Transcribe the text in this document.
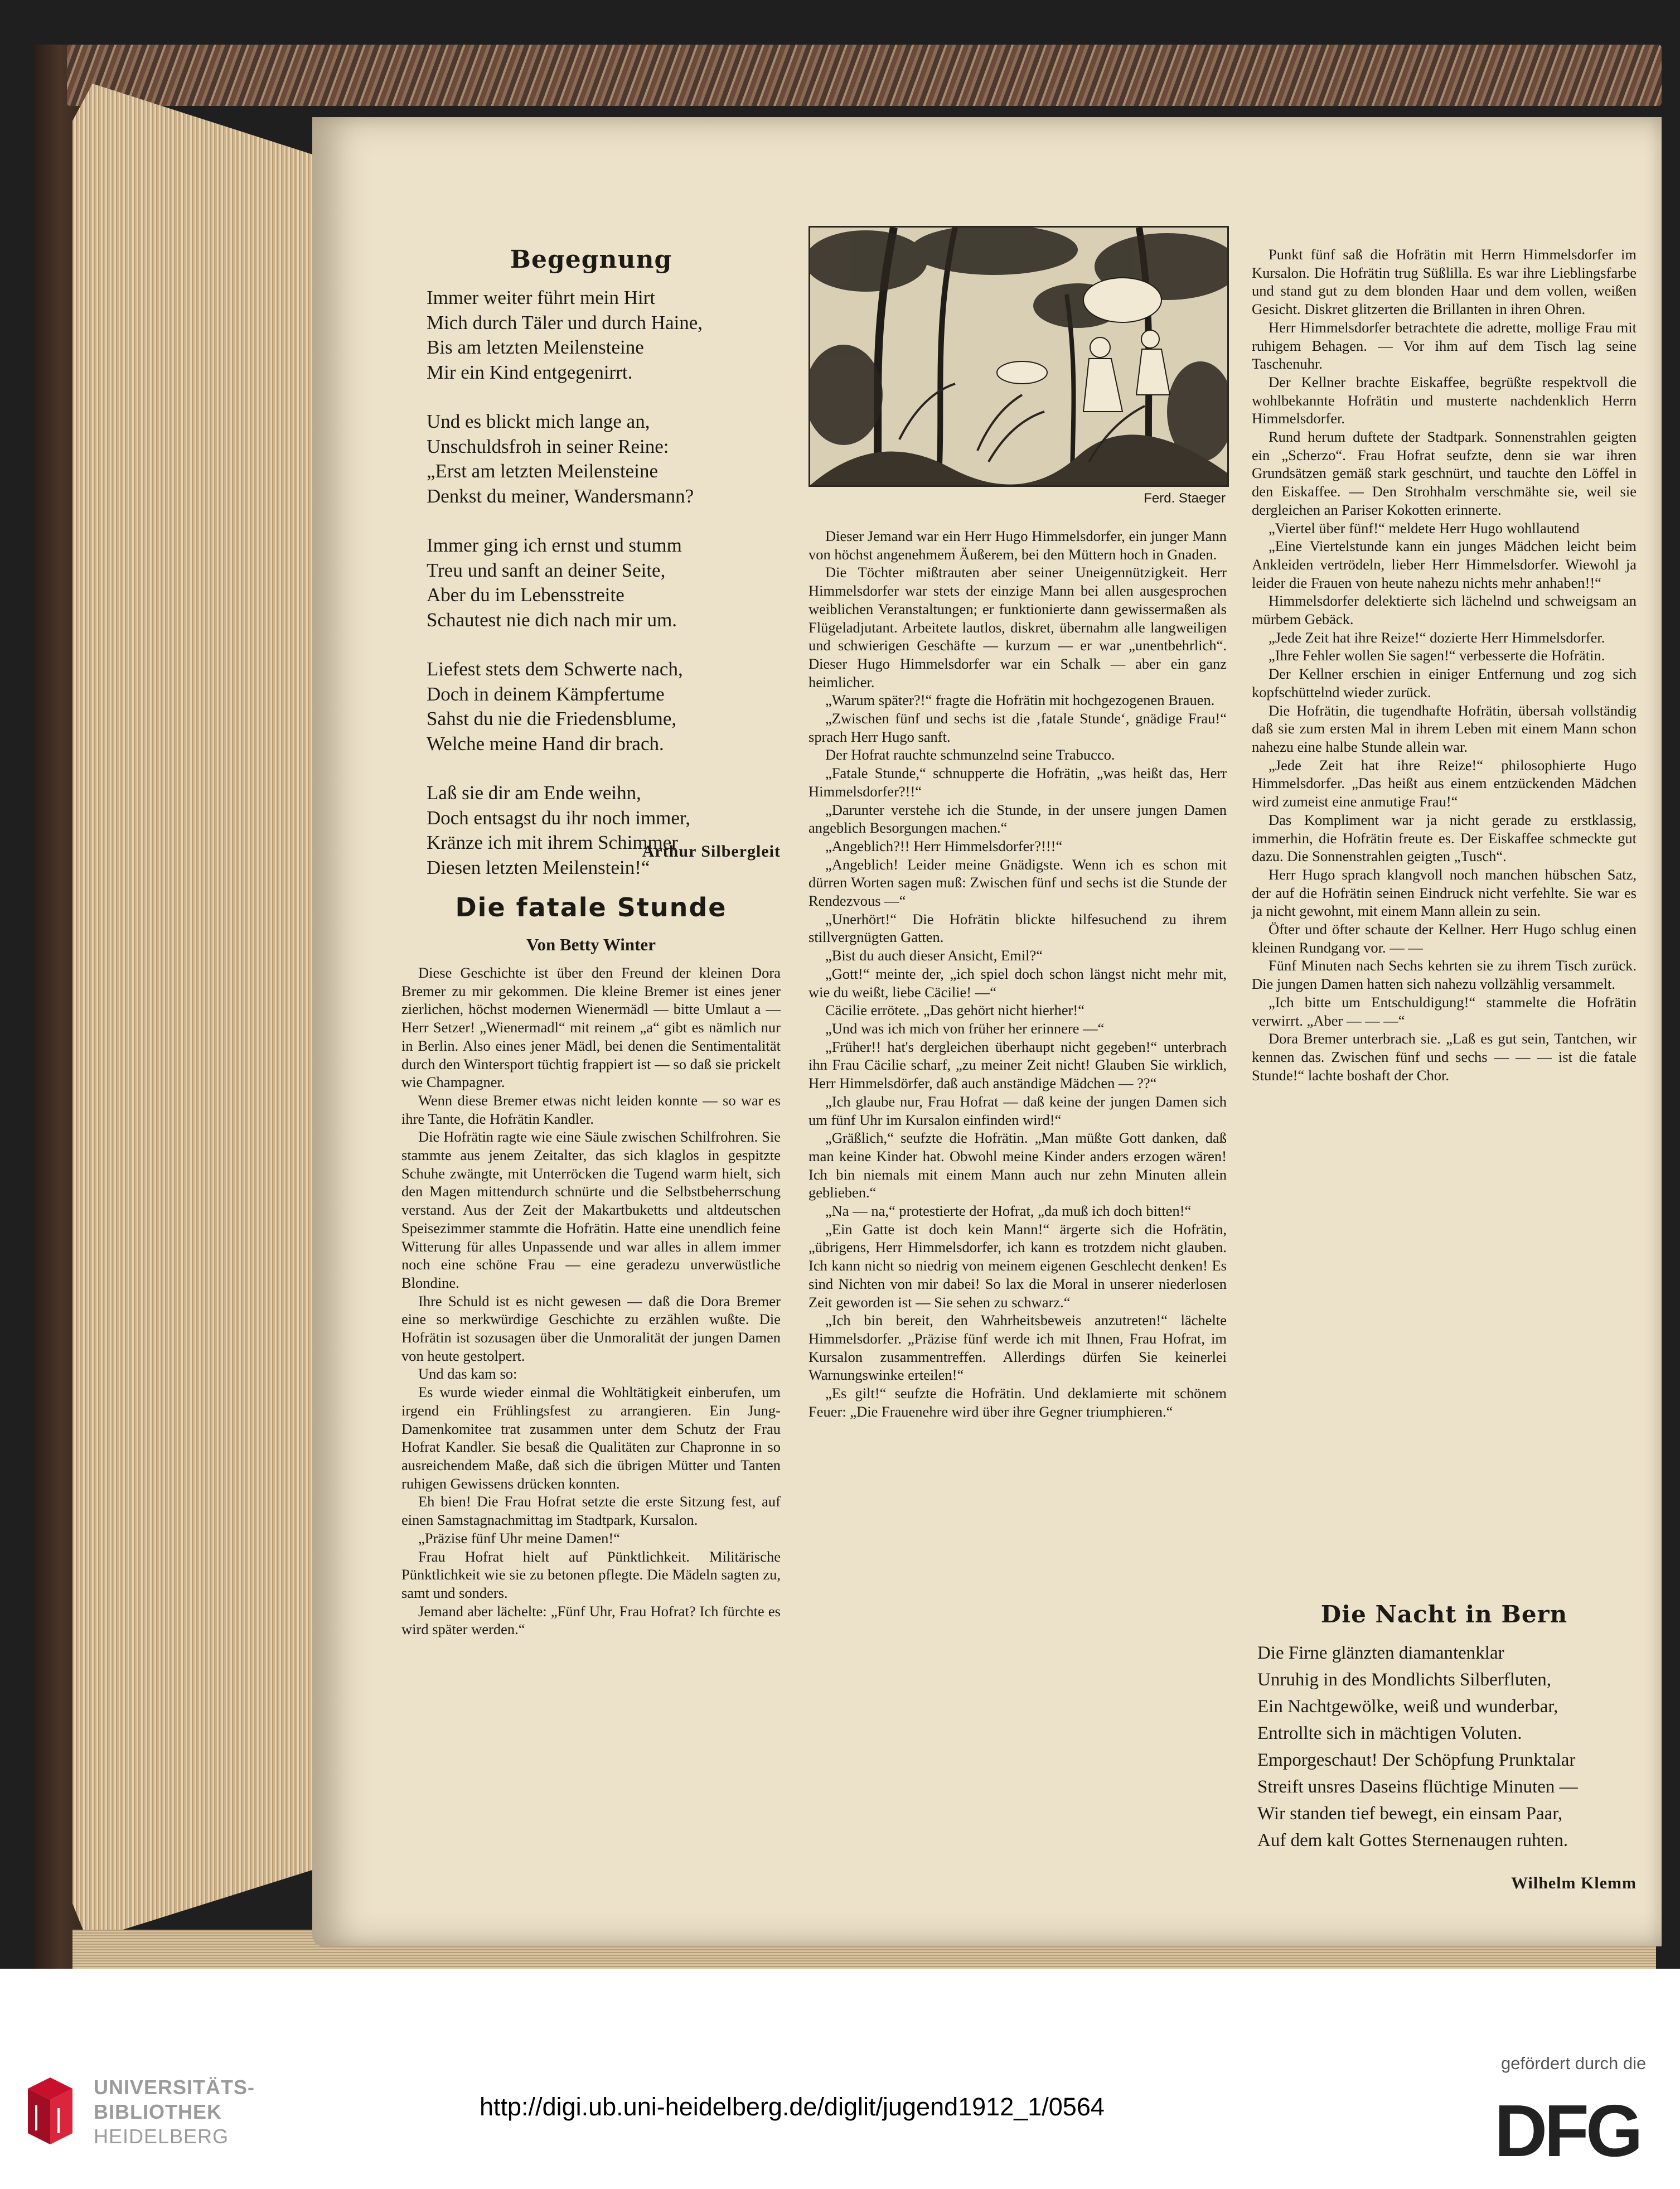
Begegnung
Immer weiter führt mein Hirt
Mich durch Täler und durch Haine,
Bis am letzten Meilensteine
Mir ein Kind entgegenirrt.
Und es blickt mich lange an,
Unschuldsfroh in seiner Reine:
„Erst am letzten Meilensteine
Denkst du meiner, Wandersmann?
Immer ging ich ernst und stumm
Treu und sanft an deiner Seite,
Aber du im Lebensstreite
Schautest nie dich nach mir um.
Liefest stets dem Schwerte nach,
Doch in deinem Kämpfertume
Sahst du nie die Friedensblume,
Welche meine Hand dir brach.
Laß sie dir am Ende weihn,
Doch entsagst du ihr noch immer,
Kränze ich mit ihrem Schimmer
Diesen letzten Meilenstein!“
Arthur Silbergleit
Die fatale Stunde
Von Betty Winter

Diese Geschichte ist über den Freund der kleinen Dora Bremer zu mir gekommen. Die kleine Bremer ist eines jener zierlichen, höchst modernen Wienermädl — bitte Umlaut a — Herr Setzer! „Wienermadl“ mit reinem „a“ gibt es nämlich nur in Berlin. Also eines jener Mädl, bei denen die Sentimentalität durch den Wintersport tüchtig frappiert ist — so daß sie prickelt wie Champagner.

Wenn diese Bremer etwas nicht leiden konnte — so war es ihre Tante, die Hofrätin Kandler.

Die Hofrätin ragte wie eine Säule zwischen Schilfrohren. Sie stammte aus jenem Zeitalter, das sich klaglos in gespitzte Schuhe zwängte, mit Unterröcken die Tugend warm hielt, sich den Magen mittendurch schnürte und die Selbstbeherrschung verstand. Aus der Zeit der Makartbuketts und altdeutschen Speisezimmer stammte die Hofrätin. Hatte eine unendlich feine Witterung für alles Unpassende und war alles in allem immer noch eine schöne Frau — eine geradezu unverwüstliche Blondine.

Ihre Schuld ist es nicht gewesen — daß die Dora Bremer eine so merkwürdige Geschichte zu erzählen wußte. Die Hofrätin ist sozusagen über die Unmoralität der jungen Damen von heute gestolpert.

Und das kam so:

Es wurde wieder einmal die Wohltätigkeit einberufen, um irgend ein Frühlingsfest zu arrangieren. Ein Jung-Damenkomitee trat zusammen unter dem Schutz der Frau Hofrat Kandler. Sie besaß die Qualitäten zur Chapronne in so ausreichendem Maße, daß sich die übrigen Mütter und Tanten ruhigen Gewissens drücken konnten.

Eh bien! Die Frau Hofrat setzte die erste Sitzung fest, auf einen Samstagnachmittag im Stadtpark, Kursalon.

„Präzise fünf Uhr meine Damen!“

Frau Hofrat hielt auf Pünktlichkeit. Militärische Pünktlichkeit wie sie zu betonen pflegte. Die Mädeln sagten zu, samt und sonders.

Jemand aber lächelte: „Fünf Uhr, Frau Hofrat? Ich fürchte es wird später werden.“

Ferd. Staeger

Dieser Jemand war ein Herr Hugo Himmelsdorfer, ein junger Mann von höchst angenehmem Äußerem, bei den Müttern hoch in Gnaden.

Die Töchter mißtrauten aber seiner Uneigennützigkeit. Herr Himmelsdorfer war stets der einzige Mann bei allen ausgesprochen weiblichen Veranstaltungen; er funktionierte dann gewissermaßen als Flügeladjutant. Arbeitete lautlos, diskret, übernahm alle langweiligen und schwierigen Geschäfte — kurzum — er war „unentbehrlich“. Dieser Hugo Himmelsdorfer war ein Schalk — aber ein ganz heimlicher.

„Warum später?!“ fragte die Hofrätin mit hochgezogenen Brauen.

„Zwischen fünf und sechs ist die ‚fatale Stunde‘, gnädige Frau!“ sprach Herr Hugo sanft.

Der Hofrat rauchte schmunzelnd seine Trabucco.

„Fatale Stunde,“ schnupperte die Hofrätin, „was heißt das, Herr Himmelsdorfer?!!“

„Darunter verstehe ich die Stunde, in der unsere jungen Damen angeblich Besorgungen machen.“

„Angeblich?!! Herr Himmelsdorfer?!!!“

„Angeblich! Leider meine Gnädigste. Wenn ich es schon mit dürren Worten sagen muß: Zwischen fünf und sechs ist die Stunde der Rendezvous —“

„Unerhört!“ Die Hofrätin blickte hilfesuchend zu ihrem stillvergnügten Gatten.

„Bist du auch dieser Ansicht, Emil?“

„Gott!“ meinte der, „ich spiel doch schon längst nicht mehr mit, wie du weißt, liebe Cäcilie! —“

Cäcilie errötete. „Das gehört nicht hierher!“

„Und was ich mich von früher her erinnere —“

„Früher!! hat's dergleichen überhaupt nicht gegeben!“ unterbrach ihn Frau Cäcilie scharf, „zu meiner Zeit nicht! Glauben Sie wirklich, Herr Himmelsdörfer, daß auch anständige Mädchen — ??“

„Ich glaube nur, Frau Hofrat — daß keine der jungen Damen sich um fünf Uhr im Kursalon einfinden wird!“

„Gräßlich,“ seufzte die Hofrätin. „Man müßte Gott danken, daß man keine Kinder hat. Obwohl meine Kinder anders erzogen wären! Ich bin niemals mit einem Mann auch nur zehn Minuten allein geblieben.“

„Na — na,“ protestierte der Hofrat, „da muß ich doch bitten!“

„Ein Gatte ist doch kein Mann!“ ärgerte sich die Hofrätin, „übrigens, Herr Himmelsdorfer, ich kann es trotzdem nicht glauben. Ich kann nicht so niedrig von meinem eigenen Geschlecht denken! Es sind Nichten von mir dabei! So lax die Moral in unserer niederlosen Zeit geworden ist — Sie sehen zu schwarz.“

„Ich bin bereit, den Wahrheitsbeweis anzutreten!“ lächelte Himmelsdorfer. „Präzise fünf werde ich mit Ihnen, Frau Hofrat, im Kursalon zusammentreffen. Allerdings dürfen Sie keinerlei Warnungswinke erteilen!“

„Es gilt!“ seufzte die Hofrätin. Und deklamierte mit schönem Feuer: „Die Frauenehre wird über ihre Gegner triumphieren.“

Punkt fünf saß die Hofrätin mit Herrn Himmelsdorfer im Kursalon. Die Hofrätin trug Süßlilla. Es war ihre Lieblingsfarbe und stand gut zu dem blonden Haar und dem vollen, weißen Gesicht. Diskret glitzerten die Brillanten in ihren Ohren.

Herr Himmelsdorfer betrachtete die adrette, mollige Frau mit ruhigem Behagen. — Vor ihm auf dem Tisch lag seine Taschenuhr.

Der Kellner brachte Eiskaffee, begrüßte respektvoll die wohlbekannte Hofrätin und musterte nachdenklich Herrn Himmelsdorfer.

Rund herum duftete der Stadtpark. Sonnenstrahlen geigten ein „Scherzo“. Frau Hofrat seufzte, denn sie war ihren Grundsätzen gemäß stark geschnürt, und tauchte den Löffel in den Eiskaffee. — Den Strohhalm verschmähte sie, weil sie dergleichen an Pariser Kokotten erinnerte.

„Viertel über fünf!“ meldete Herr Hugo wohllautend

„Eine Viertelstunde kann ein junges Mädchen leicht beim Ankleiden vertrödeln, lieber Herr Himmelsdorfer. Wiewohl ja leider die Frauen von heute nahezu nichts mehr anhaben!!“

Himmelsdorfer delektierte sich lächelnd und schweigsam an mürbem Gebäck.

„Jede Zeit hat ihre Reize!“ dozierte Herr Himmelsdorfer.

„Ihre Fehler wollen Sie sagen!“ verbesserte die Hofrätin.

Der Kellner erschien in einiger Entfernung und zog sich kopfschüttelnd wieder zurück.

Die Hofrätin, die tugendhafte Hofrätin, übersah vollständig daß sie zum ersten Mal in ihrem Leben mit einem Mann schon nahezu eine halbe Stunde allein war.

„Jede Zeit hat ihre Reize!“ philosophierte Hugo Himmelsdorfer. „Das heißt aus einem entzückenden Mädchen wird zumeist eine anmutige Frau!“

Das Kompliment war ja nicht gerade zu erstklassig, immerhin, die Hofrätin freute es. Der Eiskaffee schmeckte gut dazu. Die Sonnenstrahlen geigten „Tusch“.

Herr Hugo sprach klangvoll noch manchen hübschen Satz, der auf die Hofrätin seinen Eindruck nicht verfehlte. Sie war es ja nicht gewohnt, mit einem Mann allein zu sein.

Öfter und öfter schaute der Kellner. Herr Hugo schlug einen kleinen Rundgang vor. — —

Fünf Minuten nach Sechs kehrten sie zu ihrem Tisch zurück. Die jungen Damen hatten sich nahezu vollzählig versammelt.

„Ich bitte um Entschuldigung!“ stammelte die Hofrätin verwirrt. „Aber — — —“

Dora Bremer unterbrach sie. „Laß es gut sein, Tantchen, wir kennen das. Zwischen fünf und sechs — — — ist die fatale Stunde!“ lachte boshaft der Chor.

Die Nacht in Bern
Die Firne glänzten diamantenklar
Unruhig in des Mondlichts Silberfluten,
Ein Nachtgewölke, weiß und wunderbar,
Entrollte sich in mächtigen Voluten.
Emporgeschaut! Der Schöpfung Prunktalar
Streift unsres Daseins flüchtige Minuten —
Wir standen tief bewegt, ein einsam Paar,
Auf dem kalt Gottes Sternenaugen ruhten.
Wilhelm Klemm
UNIVERSITÄTS-
BIBLIOTHEK
HEIDELBERG
http://digi.ub.uni-heidelberg.de/diglit/jugend1912_1/0564
gefördert durch die
DFG
